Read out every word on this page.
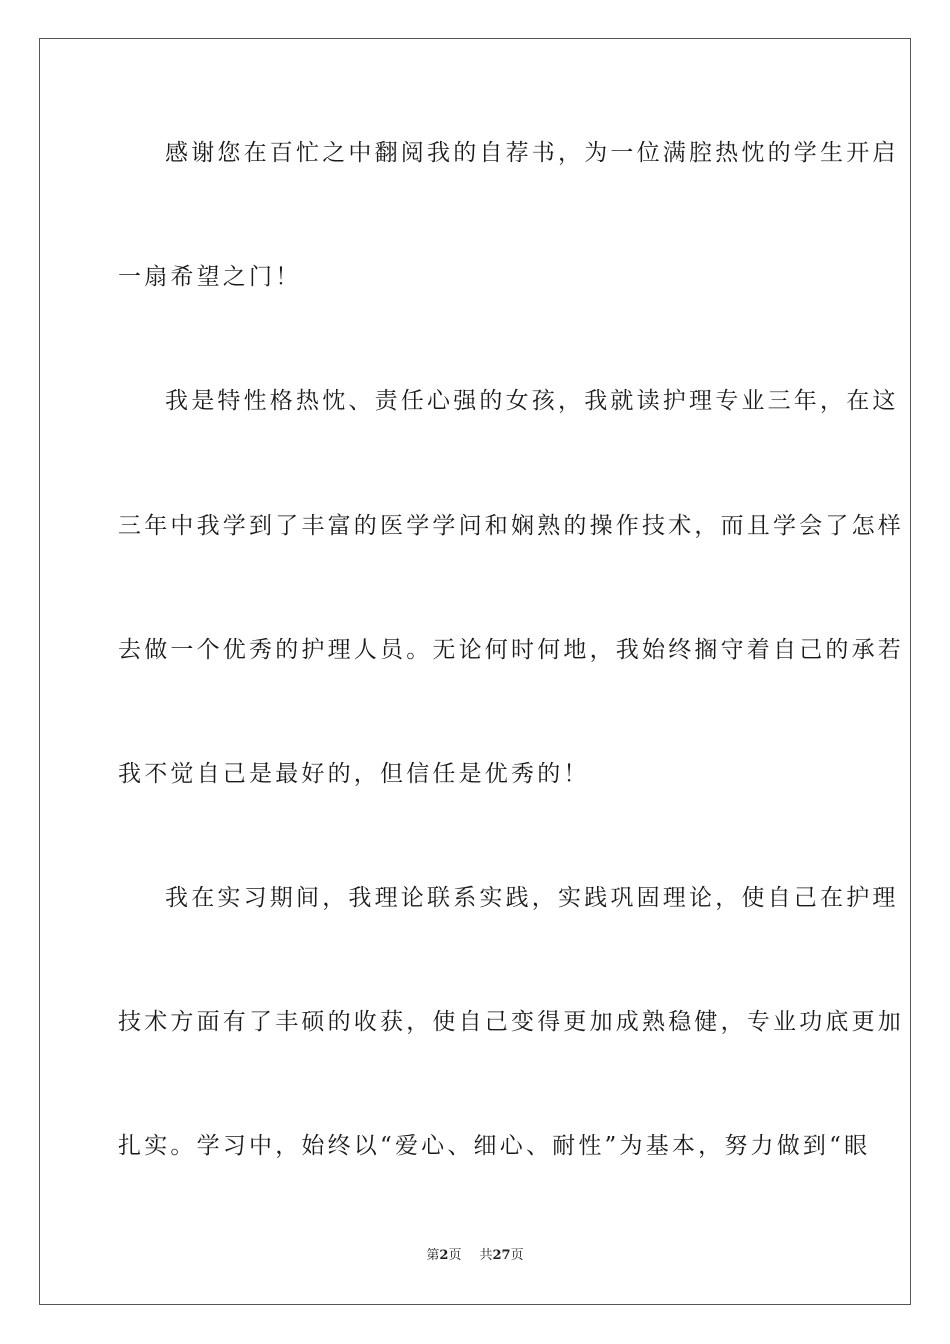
感谢您在百忙之中翻阅我的自荐书，为一位满腔热忱的学生开启
一扇希望之门！
我是特性格热忱、责任心强的女孩，我就读护理专业三年，在这
三年中我学到了丰富的医学学问和娴熟的操作技术，而且学会了怎样
去做一个优秀的护理人员。无论何时何地，我始终搁守着自己的承若
我不觉自己是最好的，但信任是优秀的！
我在实习期间，我理论联系实践，实践巩固理论，使自己在护理
技术方面有了丰硕的收获，使自己变得更加成熟稳健，专业功底更加
扎实。学习中，始终以“爱心、细心、耐性”为基本，努力做到“眼
第2页 共27页
